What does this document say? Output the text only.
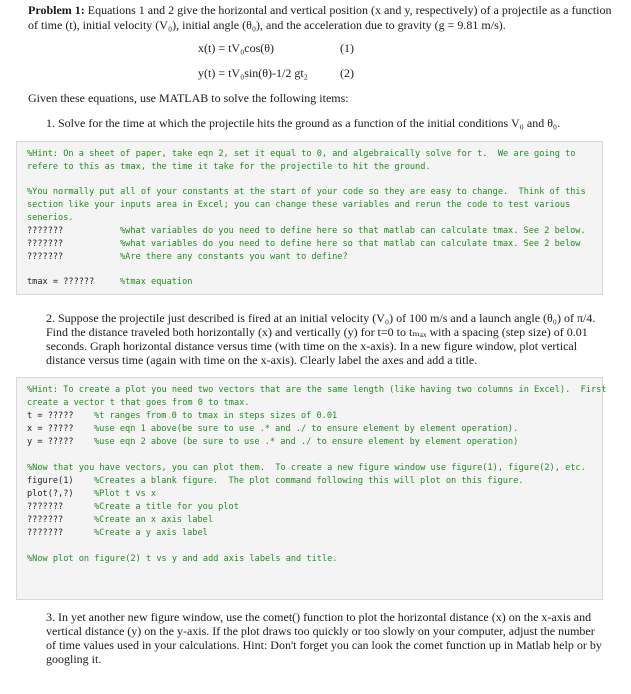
Problem 1: Equations 1 and 2 give the horizontal and vertical position (x and y, respectively) of a projectile as a function of time (t), initial velocity (V₀), initial angle (θ₀), and the acceleration due to gravity (g = 9.81 m/s).
x(t) = tV₀cos(θ)	(1)
y(t) = tV₀sin(θ)-1/2 gt₂	(2)
Given these equations, use MATLAB to solve the following items:
1. Solve for the time at which the projectile hits the ground as a function of the initial conditions V₀ and θ₀.
%Hint: On a sheet of paper, take eqn 2, set it equal to 0, and algebraically solve for t.  We are going to
refere to this as tmax, the time it take for the projectile to hit the ground.
%You normally put all of your constants at the start of your code so they are easy to change.  Think of this
section like your inputs area in Excel; you can change these variables and rerun the code to test various
senerios.
???????	%what variables do you need to define here so that matlab can calculate tmax. See 2 below.
???????	%what variables do you need to define here so that matlab can calculate tmax. See 2 below
???????	%Are there any constants you want to define?
tmax = ??????	%tmax equation
2. Suppose the projectile just described is fired at an initial velocity (V₀) of 100 m/s and a launch angle (θ₀) of π/4. Find the distance traveled both horizontally (x) and vertically (y) for t=0 to tₘₐₓ with a spacing (step size) of 0.01 seconds. Graph horizontal distance versus time (with time on the x-axis). In a new figure window, plot vertical distance versus time (again with time on the x-axis). Clearly label the axes and add a title.
%Hint: To create a plot you need two vectors that are the same length (like having two columns in Excel).  First
create a vector t that goes from 0 to tmax.
t = ????? %t ranges from 0 to tmax in steps sizes of 0.01
x = ????? %use eqn 1 above(be sure to use .* and ./ to ensure element by element operation).
y = ????? %use eqn 2 above (be sure to use .* and ./ to ensure element by element operation)
%Now that you have vectors, you can plot them.  To create a new figure window use figure(1), figure(2), etc.
figure(1) %Creates a blank figure.  The plot command following this will plot on this figure.
plot(?,?) %Plot t vs x
???????	%Create a title for you plot
???????	%Create an x axis label
???????	%Create a y axis label
%Now plot on figure(2) t vs y and add axis labels and title.
3. In yet another new figure window, use the comet() function to plot the horizontal distance (x) on the x-axis and vertical distance (y) on the y-axis. If the plot draws too quickly or too slowly on your computer, adjust the number of time values used in your calculations. Hint: Don't forget you can look the comet function up in Matlab help or by googling it.
